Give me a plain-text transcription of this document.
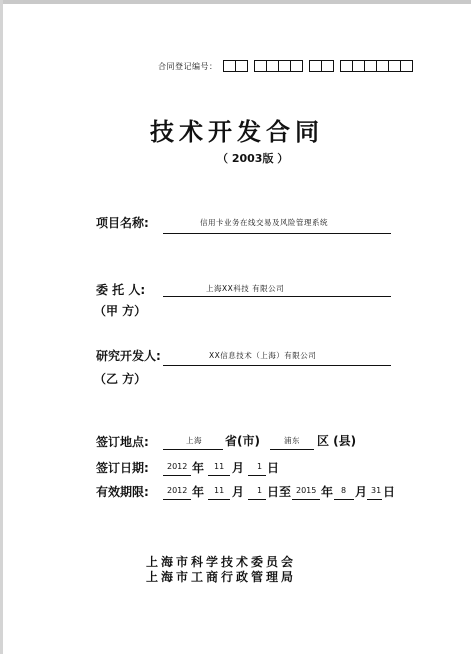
合同登记编号：
技术开发合同
（ 2003版 ）
项目名称:	信用卡业务在线交易及风险管理系统
委 托 人:
（甲 方）
上海XX科技 有限公司
研究开发人:
（乙 方）
XX信息技术（上海）有限公司
签订地点:	上海 省(市)	浦东 区 (县)
签订日期: 2012 年 11 月 1 日
有效期限: 2012 年 11 月 1 日至 2015 年 8 月 31 日
上海市科学技术委员会
上海市工商行政管理局
